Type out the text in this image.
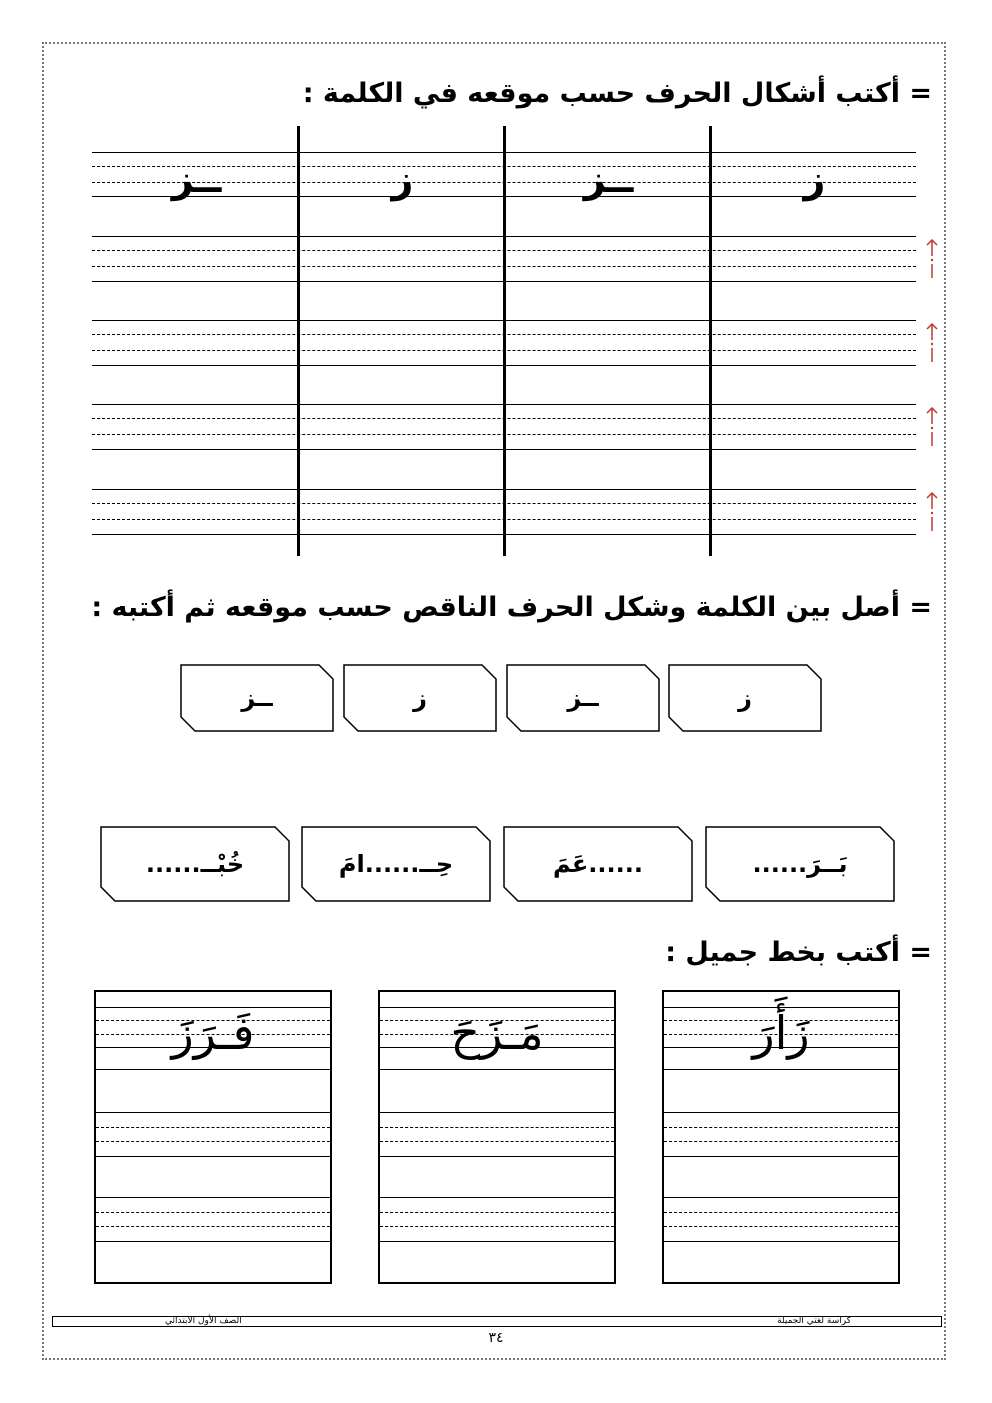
= أكتب أشكال الحرف حسب موقعه في الكلمة :
ز
ــز
ز
ــز
= أصل بين الكلمة وشكل الحرف الناقص حسب موقعه ثم أكتبه :
ز
ــز
ز
ــز
بَــرَ......
......عَمَ
حِــ......امَ
خُبْــ......
= أكتب بخط جميل :
زَأَرَ
مَـزَحَ
فَـرَزَ
كراسة لغتي الجميلة
الصف الأول الابتدائي
٣٤
